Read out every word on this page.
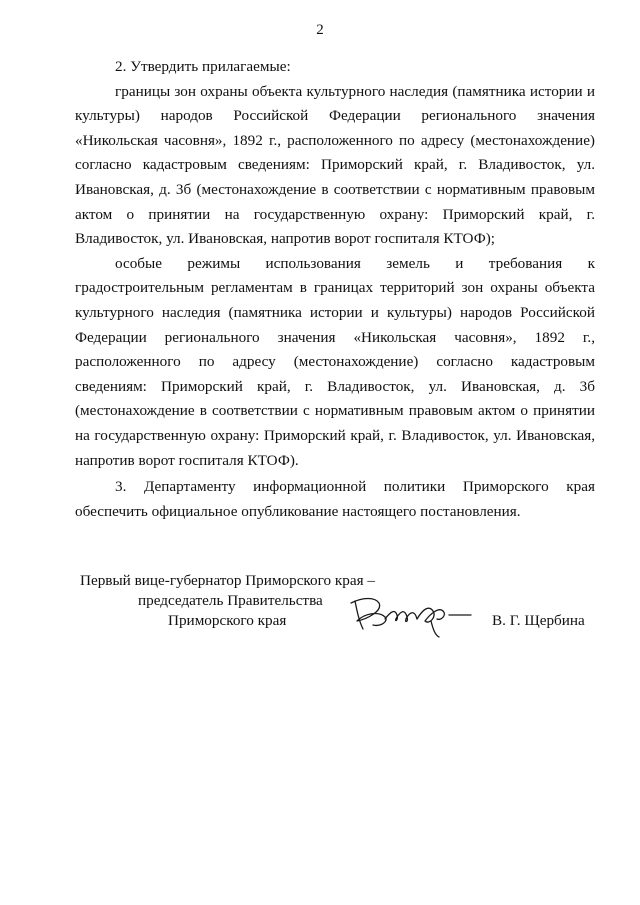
2

2. Утвердить прилагаемые:

границы зон охраны объекта культурного наследия (памятника истории и культуры) народов Российской Федерации регионального значения «Никольская часовня», 1892 г., расположенного по адресу (местонахождение) согласно кадастровым сведениям: Приморский край, г. Владивосток, ул. Ивановская, д. 3б (местонахождение в соответствии с нормативным правовым актом о принятии на государственную охрану: Приморский край, г. Владивосток, ул. Ивановская, напротив ворот госпиталя КТОФ);

особые режимы использования земель и требования к градостроительным регламентам в границах территорий зон охраны объекта культурного наследия (памятника истории и культуры) народов Российской Федерации регионального значения «Никольская часовня», 1892 г., расположенного по адресу (местонахождение) согласно кадастровым сведениям: Приморский край, г. Владивосток, ул. Ивановская, д. 3б (местонахождение в соответствии с нормативным правовым актом о принятии на государственную охрану: Приморский край, г. Владивосток, ул. Ивановская, напротив ворот госпиталя КТОФ).

3. Департаменту информационной политики Приморского края обеспечить официальное опубликование настоящего постановления.

Первый вице-губернатор Приморского края –
председатель Правительства
Приморского края	В. Г. Щербина
